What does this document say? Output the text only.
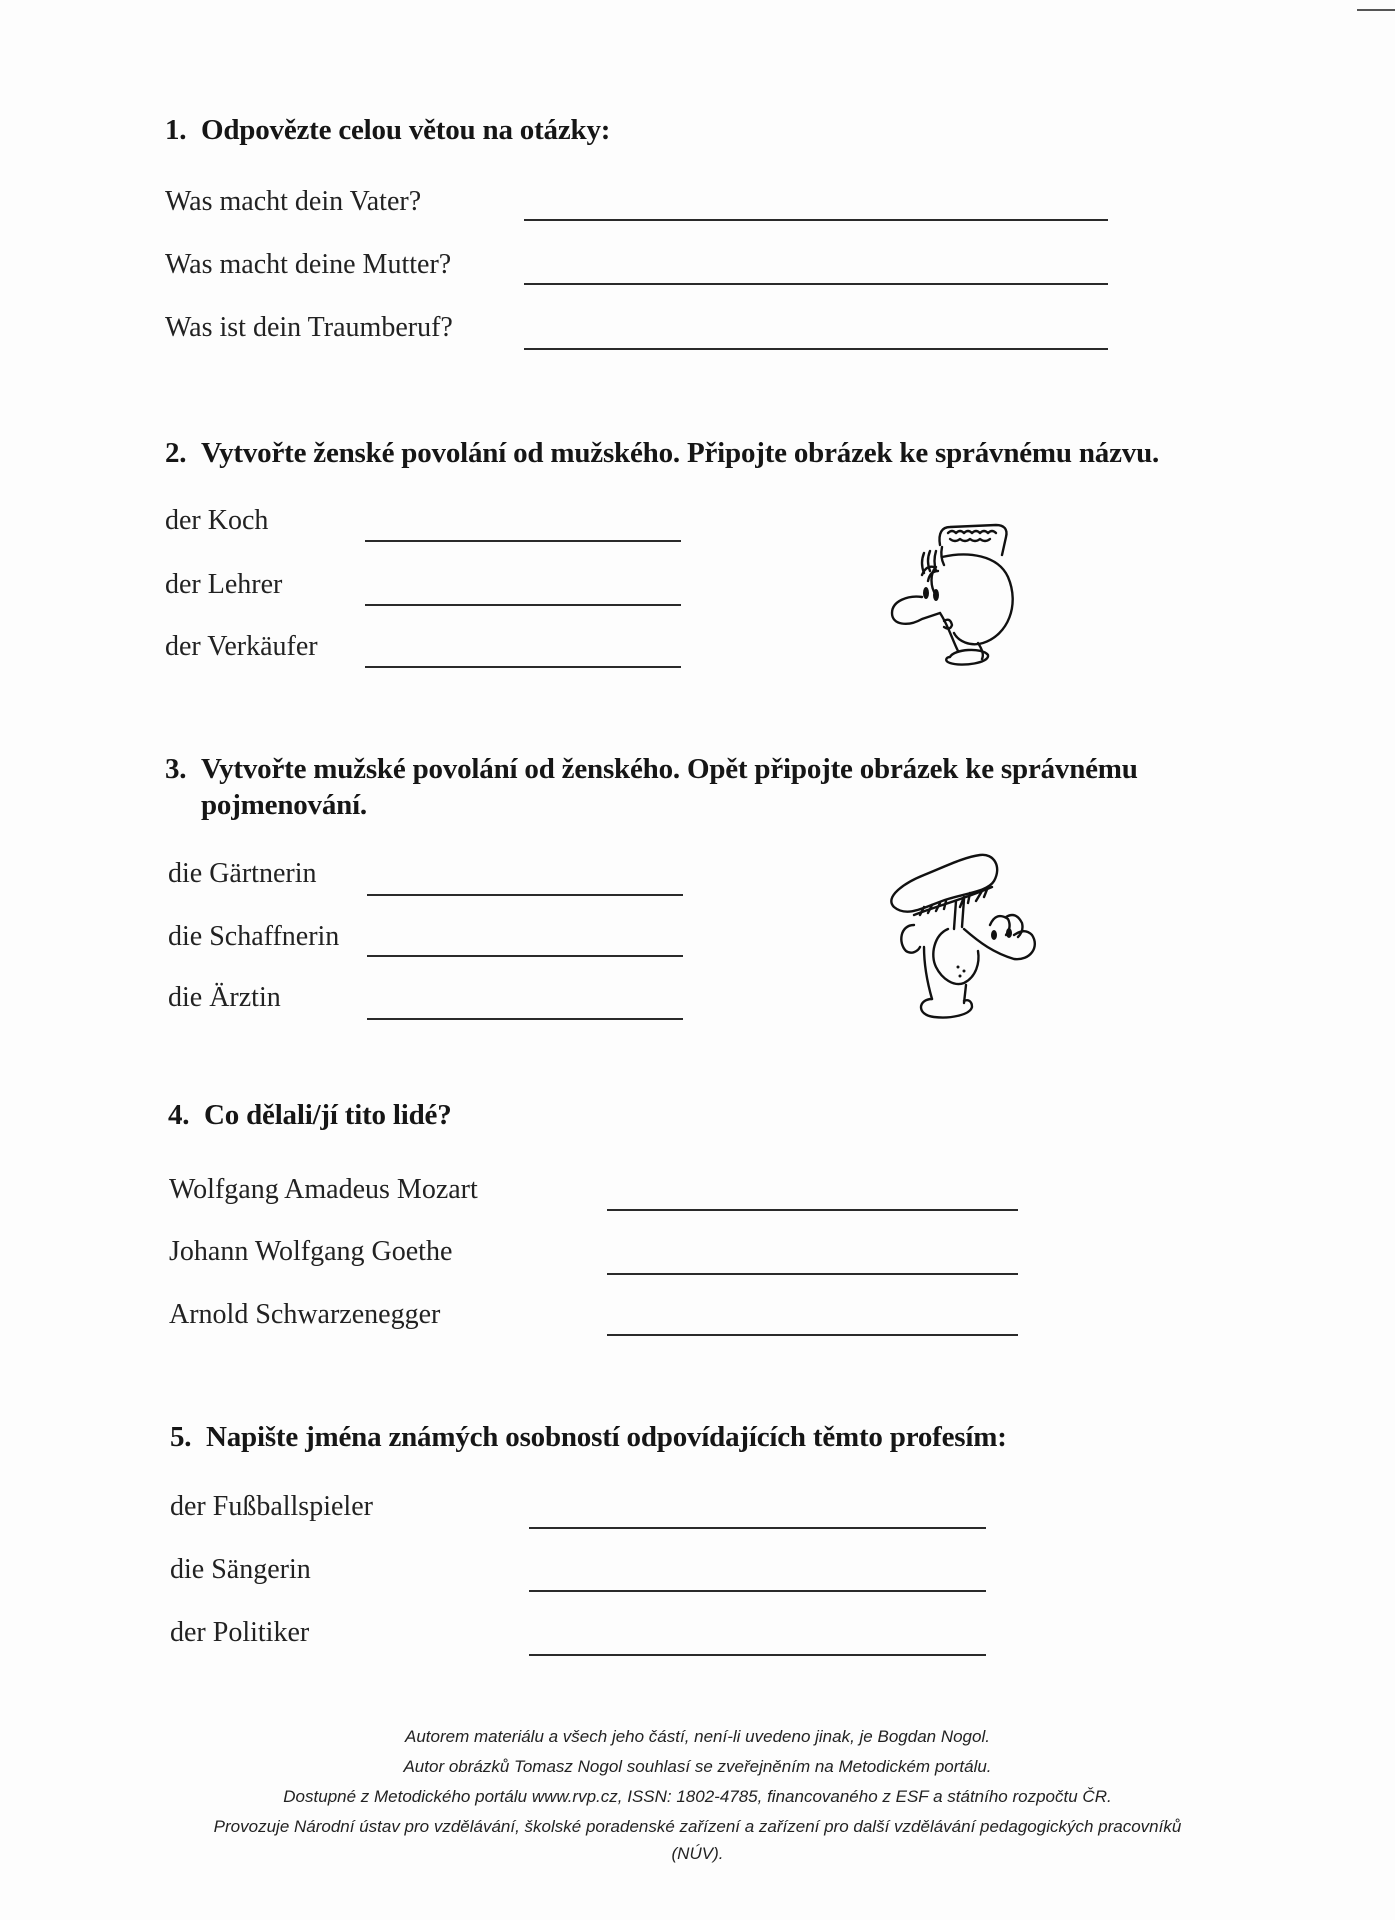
1. Odpovězte celou větou na otázky:
Was macht dein Vater?
Was macht deine Mutter?
Was ist dein Traumberuf?
2. Vytvořte ženské povolání od mužského. Připojte obrázek ke správnému názvu.
der Koch
der Lehrer
der Verkäufer
3. Vytvořte mužské povolání od ženského. Opět připojte obrázek ke správnému
pojmenování.
die Gärtnerin
die Schaffnerin
die Ärztin
4. Co dělali/jí tito lidé?
Wolfgang Amadeus Mozart
Johann Wolfgang Goethe
Arnold Schwarzenegger
5. Napište jména známých osobností odpovídajících těmto profesím:
der Fußballspieler
die Sängerin
der Politiker
Autorem materiálu a všech jeho částí, není-li uvedeno jinak, je Bogdan Nogol.
Autor obrázků Tomasz Nogol souhlasí se zveřejněním na Metodickém portálu.
Dostupné z Metodického portálu www.rvp.cz, ISSN: 1802-4785, financovaného z ESF a státního rozpočtu ČR.
Provozuje Národní ústav pro vzdělávání, školské poradenské zařízení a zařízení pro další vzdělávání pedagogických pracovníků
(NÚV).
